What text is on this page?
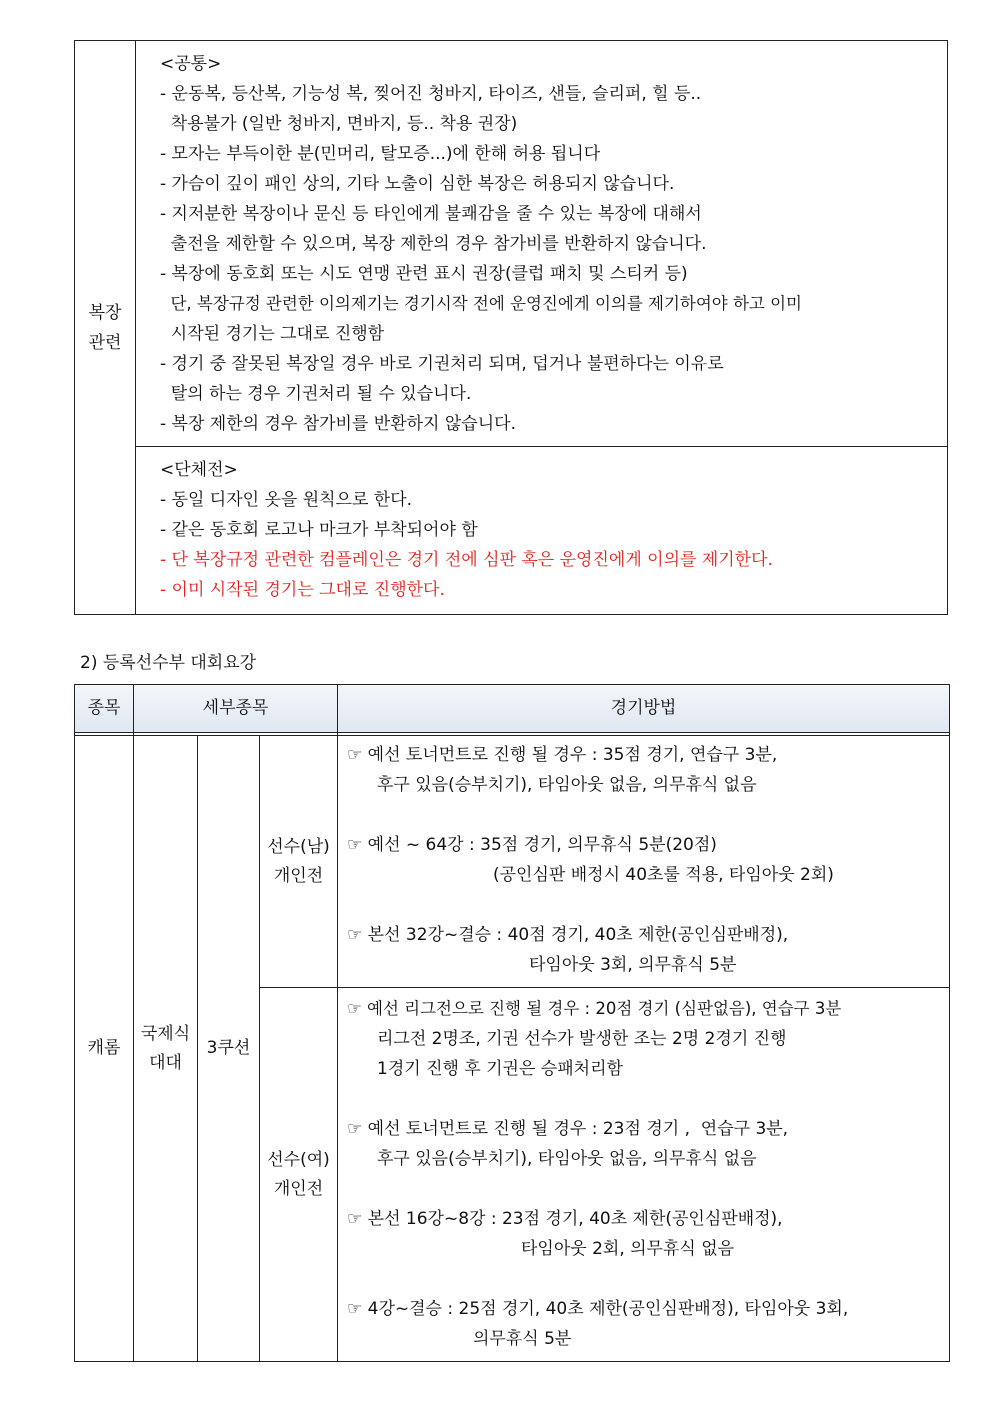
복장
관련
<공통>
- 운동복, 등산복, 기능성 복, 찢어진 청바지, 타이즈, 샌들, 슬리퍼, 힐 등..
착용불가 (일반 청바지, 면바지, 등.. 착용 권장)
- 모자는 부득이한 분(민머리, 탈모증...)에 한해 허용 됩니다
- 가슴이 깊이 패인 상의, 기타 노출이 심한 복장은 허용되지 않습니다.
- 지저분한 복장이나 문신 등 타인에게 불쾌감을 줄 수 있는 복장에 대해서
출전을 제한할 수 있으며, 복장 제한의 경우 참가비를 반환하지 않습니다.
- 복장에 동호회 또는 시도 연맹 관련 표시 권장(클럽 패치 및 스티커 등)
단, 복장규정 관련한 이의제기는 경기시작 전에 운영진에게 이의를 제기하여야 하고 이미
시작된 경기는 그대로 진행함
- 경기 중 잘못된 복장일 경우 바로 기권처리 되며, 덥거나 불편하다는 이유로
탈의 하는 경우 기권처리 될 수 있습니다.
- 복장 제한의 경우 참가비를 반환하지 않습니다.
<단체전>
- 동일 디자인 옷을 원칙으로 한다.
- 같은 동호회 로고나 마크가 부착되어야 함
- 단 복장규정 관련한 컴플레인은 경기 전에 심판 혹은 운영진에게 이의를 제기한다.
- 이미 시작된 경기는 그대로 진행한다.
2) 등록선수부 대회요강
종목	세부종목	경기방법
캐롬
국제식
대대
3쿠션
선수(남)
개인전
선수(여)
개인전
☞ 예선 토너먼트로 진행 될 경우 : 35점 경기, 연습구 3분,
후구 있음(승부치기), 타임아웃 없음, 의무휴식 없음
☞ 예선 ~ 64강 : 35점 경기, 의무휴식 5분(20점)
(공인심판 배정시 40초룰 적용, 타임아웃 2회)
☞ 본선 32강~결승 : 40점 경기, 40초 제한(공인심판배정),
타임아웃 3회, 의무휴식 5분
☞ 예선 리그전으로 진행 될 경우 : 20점 경기 (심판없음), 연습구 3분
리그전 2명조, 기권 선수가 발생한 조는 2명 2경기 진행
1경기 진행 후 기권은 승패처리함
☞ 예선 토너먼트로 진행 될 경우 : 23점 경기 ,  연습구 3분,
후구 있음(승부치기), 타임아웃 없음, 의무휴식 없음
☞ 본선 16강~8강 : 23점 경기, 40초 제한(공인심판배정),
타임아웃 2회, 의무휴식 없음
☞ 4강~결승 : 25점 경기, 40초 제한(공인심판배정), 타임아웃 3회,
의무휴식 5분
